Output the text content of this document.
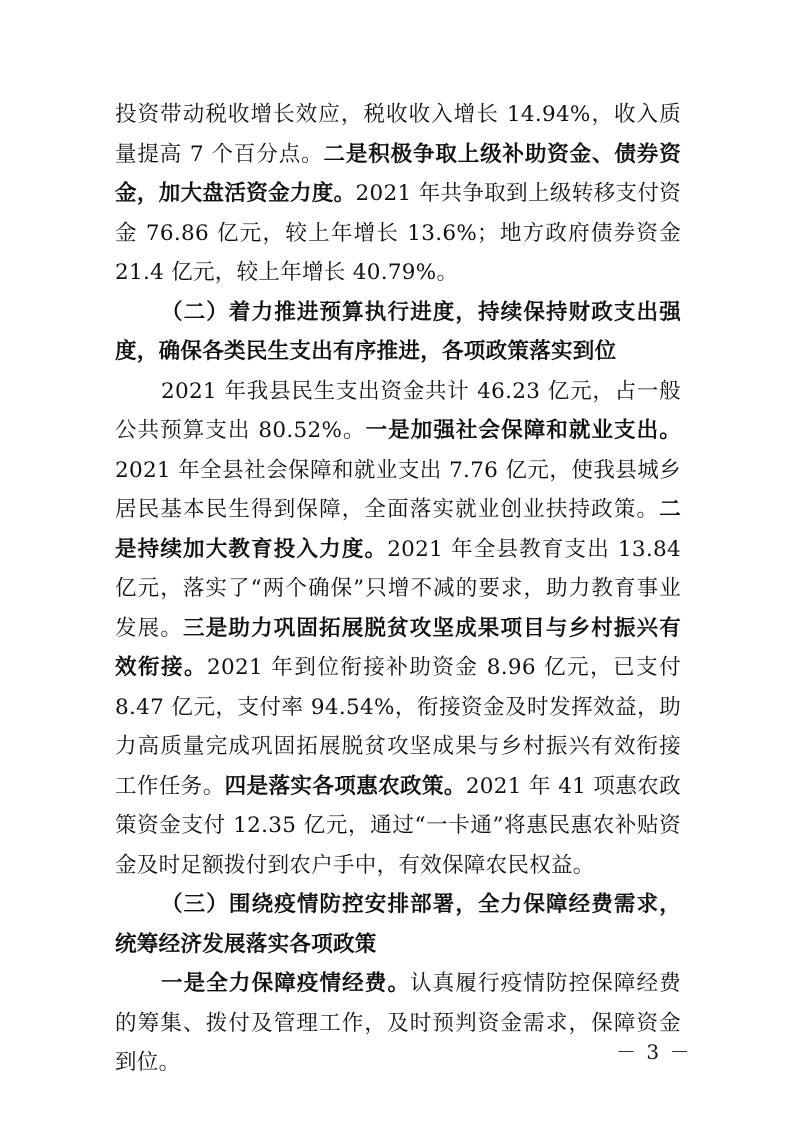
投资带动税收增长效应，税收收入增长 14.94%，收入质量提高 7 个百分点。二是积极争取上级补助资金、债券资金，加大盘活资金力度。2021 年共争取到上级转移支付资金 76.86 亿元，较上年增长 13.6%；地方政府债券资金 21.4 亿元，较上年增长 40.79%。

（二）着力推进预算执行进度，持续保持财政支出强度，确保各类民生支出有序推进，各项政策落实到位

2021 年我县民生支出资金共计 46.23 亿元，占一般公共预算支出 80.52%。一是加强社会保障和就业支出。2021 年全县社会保障和就业支出 7.76 亿元，使我县城乡居民基本民生得到保障，全面落实就业创业扶持政策。二是持续加大教育投入力度。2021 年全县教育支出 13.84 亿元，落实了“两个确保”只增不减的要求，助力教育事业发展。三是助力巩固拓展脱贫攻坚成果项目与乡村振兴有效衔接。2021 年到位衔接补助资金 8.96 亿元，已支付 8.47 亿元，支付率 94.54%，衔接资金及时发挥效益，助力高质量完成巩固拓展脱贫攻坚成果与乡村振兴有效衔接工作任务。四是落实各项惠农政策。2021 年 41 项惠农政策资金支付 12.35 亿元，通过“一卡通”将惠民惠农补贴资金及时足额拨付到农户手中，有效保障农民权益。

（三）围绕疫情防控安排部署，全力保障经费需求，统筹经济发展落实各项政策

一是全力保障疫情经费。认真履行疫情防控保障经费的筹集、拨付及管理工作，及时预判资金需求，保障资金到位。	－ 3 －
